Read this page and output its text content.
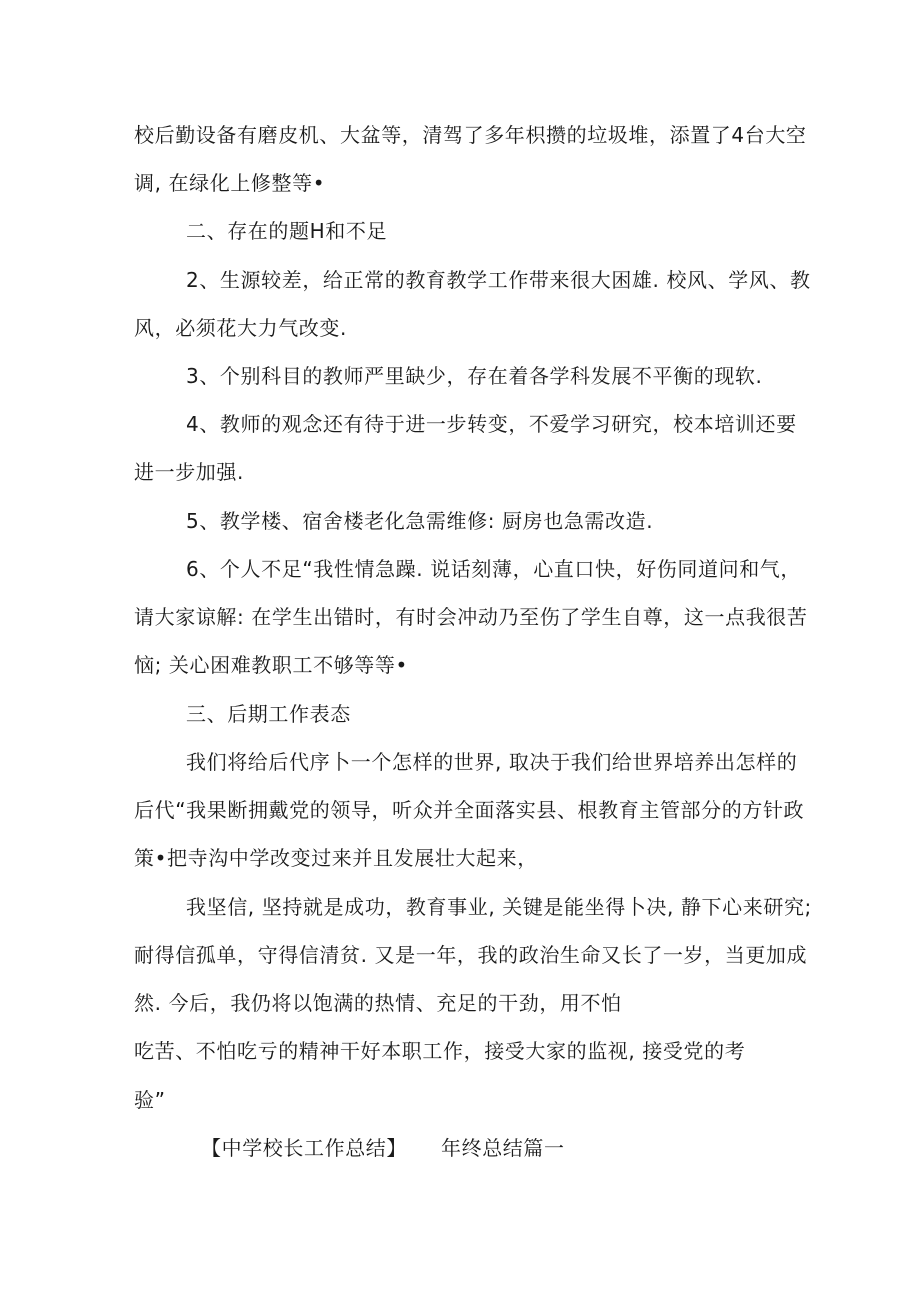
校后勤设备有磨皮机、大盆等，清驾了多年枳攒的垃圾堆，添置了4台大空
调, 在绿化上修整等•
二、存在的题H和不足
2、生源较差，给正常的教育教学工作带来很大困雄. 校风、学风、教
风，必须花大力气改变.
3、个别科目的教师严里缺少，存在着各学科发展不平衡的现软.
4、教师的观念还有待于进一步转变，不爱学习研究，校本培训还要
进一步加强.
5、教学楼、宿舍楼老化急需维修: 厨房也急需改造.
6、个人不足“我性情急躁. 说话刻薄，心直口快，好伤同道问和气，
请大家谅解: 在学生出错时，有时会冲动乃至伤了学生自尊，这一点我很苦
恼; 关心困难教职工不够等等•
三、后期工作表态
我们将给后代序卜一个怎样的世界, 取决于我们给世界培养出怎样的
后代“我果断拥戴党的领导，听众并全面落实县、根教育主管部分的方针政
策•把寺沟中学改变过来并且发展壮大起来，
我坚信, 坚持就是成功，教育事业, 关键是能坐得卜决, 静下心来研究;
耐得信孤单，守得信清贫. 又是一年，我的政治生命又长了一岁，当更加成
然. 今后，我仍将以饱满的热情、充足的干劲，用不怕
吃苦、不怕吃亏的精神干好本职工作，接受大家的监视, 接受党的考
验”
【中学校长工作总结】 年终总结篇一
